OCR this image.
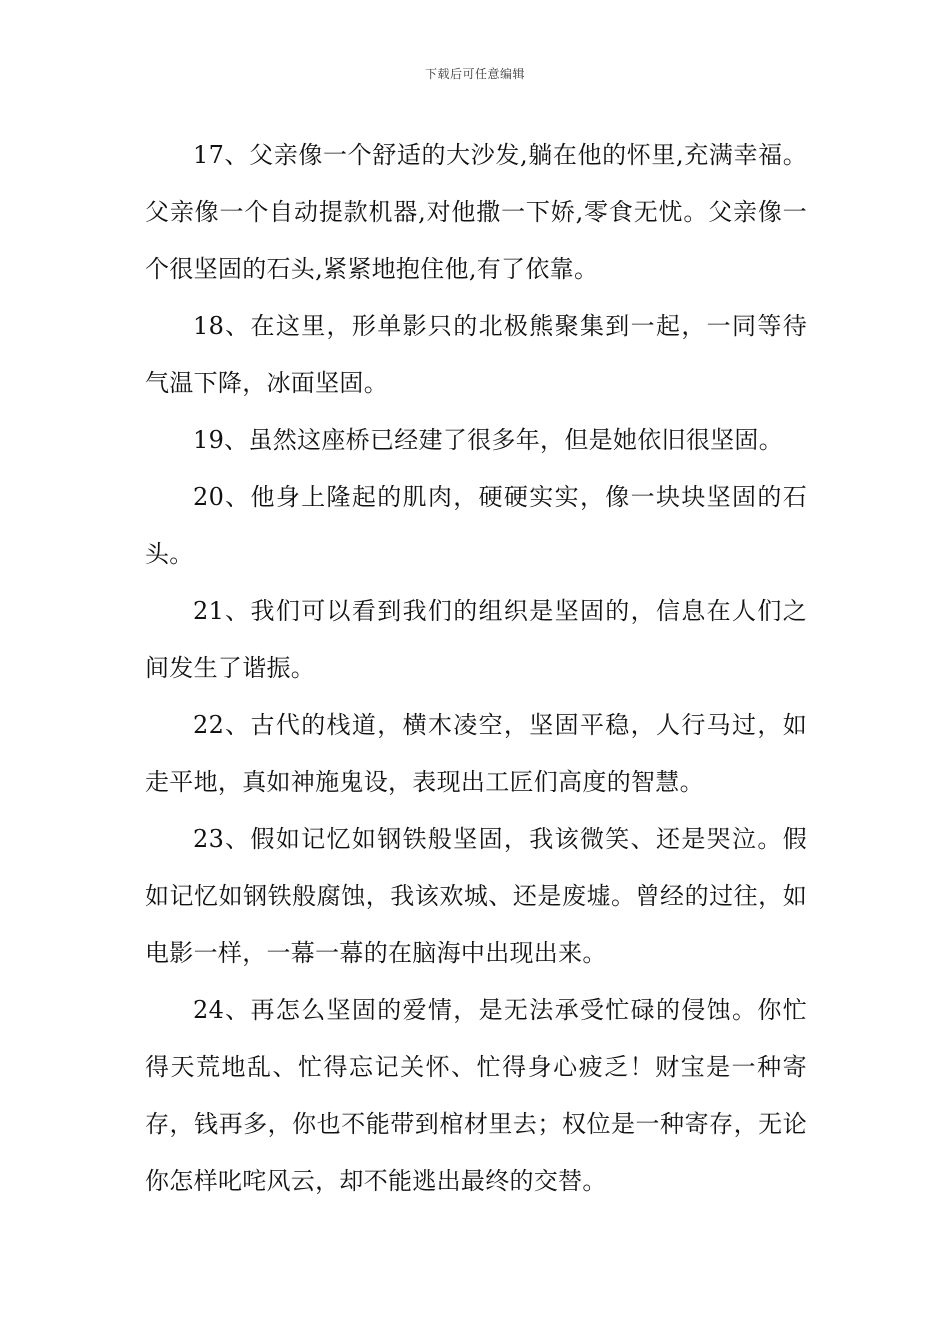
下载后可任意编辑

17、父亲像一个舒适的大沙发,躺在他的怀里,充满幸福。父亲像一个自动提款机器,对他撒一下娇,零食无忧。父亲像一个很坚固的石头,紧紧地抱住他,有了依靠。

18、在这里，形单影只的北极熊聚集到一起，一同等待气温下降，冰面坚固。

19、虽然这座桥已经建了很多年，但是她依旧很坚固。

20、他身上隆起的肌肉，硬硬实实，像一块块坚固的石头。

21、我们可以看到我们的组织是坚固的，信息在人们之间发生了谐振。

22、古代的栈道，横木凌空，坚固平稳，人行马过，如走平地，真如神施鬼设，表现出工匠们高度的智慧。

23、假如记忆如钢铁般坚固，我该微笑、还是哭泣。假如记忆如钢铁般腐蚀，我该欢城、还是废墟。曾经的过往，如电影一样，一幕一幕的在脑海中出现出来。

24、再怎么坚固的爱情，是无法承受忙碌的侵蚀。你忙得天荒地乱、忙得忘记关怀、忙得身心疲乏！财宝是一种寄存，钱再多，你也不能带到棺材里去；权位是一种寄存，无论你怎样叱咤风云，却不能逃出最终的交替。
